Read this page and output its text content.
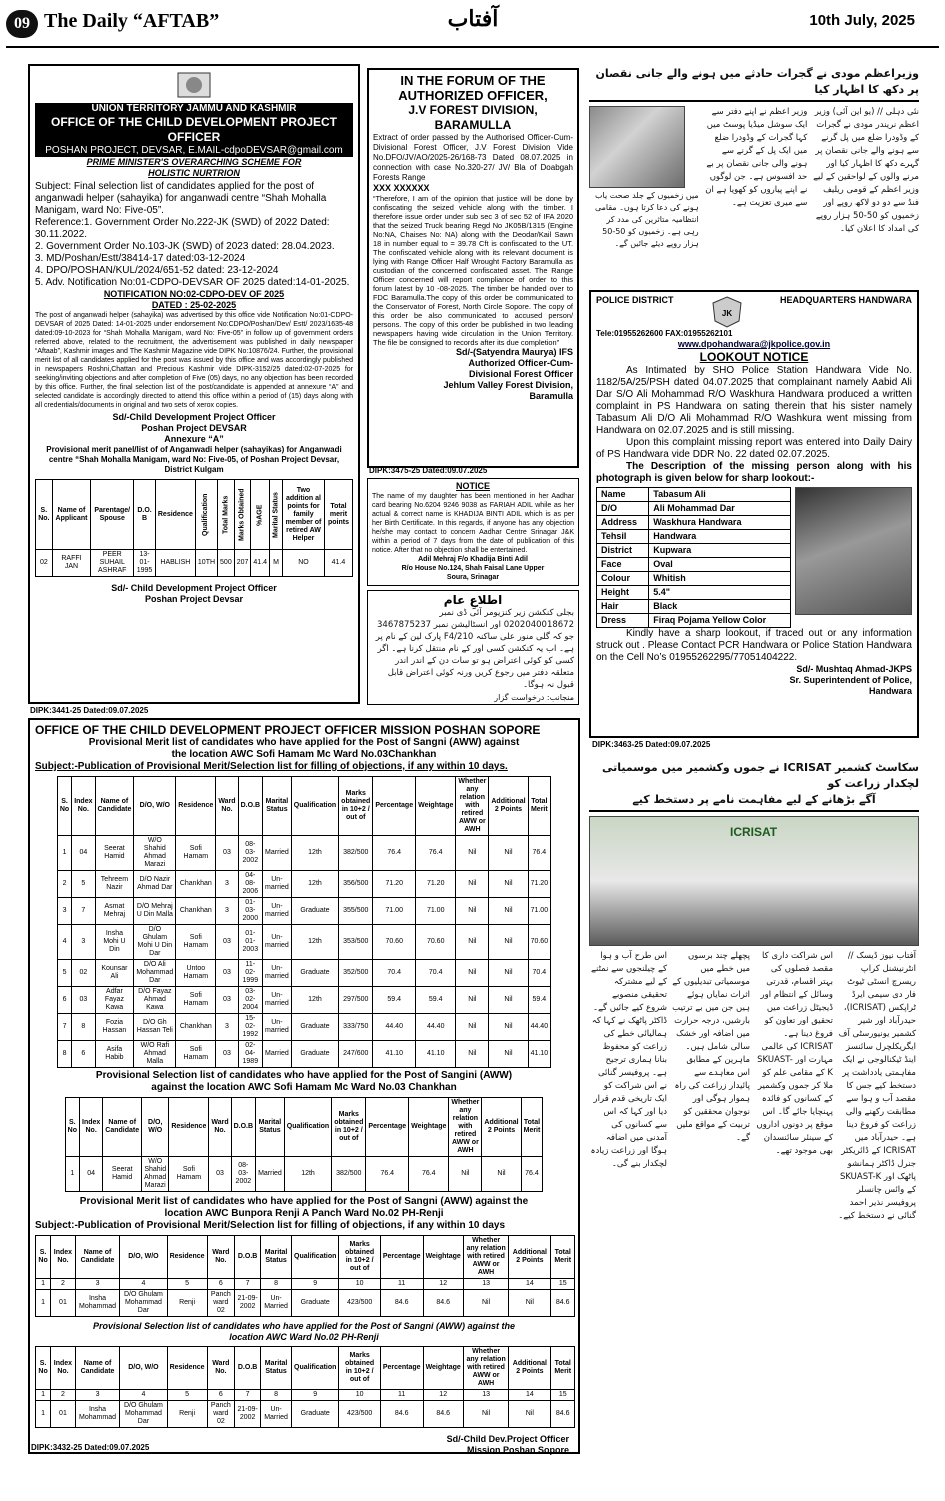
09 The Daily “AFTAB”	آفتاب	10th July, 2025
UNION TERRITORY JAMMU AND KASHMIR
OFFICE OF THE CHILD DEVELOPMENT PROJECT OFFICER
POSHAN PROJECT, DEVSAR, E.MAIL-cdpoDEVSAR@gmail.com
PRIME MINISTER'S OVERARCHING SCHEME FOR
HOLISTIC NURTRION
Subject: Final selection list of candidates applied for the post of anganwadi helper (sahayika) for anganwadi centre “Shah Mohalla Manigam, ward No: Five-05”.
Reference:1. Government Order No.222-JK (SWD) of 2022 Dated: 30.11.2022.
2. Government Order No.103-JK (SWD) of 2023 dated: 28.04.2023.
3. MD/Poshan/Estt/38414-17 dated:03-12-2024
4. DPO/POSHAN/KUL/2024/651-52 dated: 23-12-2024
5. Adv. Notification No:01-CDPO-DEVSAR OF 2025 dated:14-01-2025.
NOTIFICATION NO:02-CDPO-DEV OF 2025
DATED : 25-02-2025
The post of anganwadi helper (sahayika) was advertised by this office vide Notification No:01-CDPO-DEVSAR of 2025 Dated: 14-01-2025 under endorsement No:CDPO/Poshan/Dev/ Estt/ 2023/1635-48 dated:09-10-2023 for “Shah Mohalla Manigam, ward No: Five-05” in follow up of government orders referred above, related to the recruitment, the advertisement was published in daily newspaper “Aftaab”, Kashmir images and The Kashmir Magazine vide DIPK No:10876/24. Further, the provisional merit list of all candidates applied for the post was issued by this office and was accordingly published in newspapers Roshni,Chattan and Precious Kashmir vide DIPK-3152/25 dated:02-07-2025 for seeking/inviting objections and after completion of Five (05) days, no any objection has been recorded by this office. Further, the final selection list of the post/candidate is appended at annexure “A” and selected candidate is accordingly directed to attend this office within a period of (15) days along with all credentials/documents in original and two sets of xerox copies.
Sd/-Child Development Project Officer
Poshan Project DEVSAR
Annexure “A”
Provisional merit panel/list of of Anganwadi helper (sahayikas) for Anganwadi centre “Shah Mohalla Manigam, ward No: Five-05, of Poshan Project Devsar, District Kulgam
S. No.	Name of Applicant	Parentage/ Spouse	D.O. B	Residence	Qualification	Total Marks	Marks Obtained	%AGE	Marital Status	Two addition al points for family member of retired AW Helper	Total merit points
02	RAFFI JAN	PEER SUHAIL ASHRAF	13-01-1995	HABLISH	10TH	500	207	41.4	M	NO	41.4
Sd/- Child Development Project Officer
Poshan Project Devsar
DIPK:3441-25 Dated:09.07.2025
IN THE FORUM OF THE AUTHORIZED OFFICER,
J.V FOREST DIVISION, BARAMULLA
Extract of order passed by the Authorised Officer-Cum-Divisional Forest Officer, J.V Forest Division Vide No.DFO/JV/AO/2025-26/168-73 Dated 08.07.2025 in connection with case No.320-27/ JV/ Bla of Doabgah Forests Range
XXX XXXXXX
“Therefore, I am of the opinion that justice will be done by confiscating the seized vehicle along with the timber. I therefore issue order under sub sec 3 of sec 52 of IFA 2020 that the seized Truck bearing Regd No JK05B/1315 (Engine No:NA, Chaises No: NA) along with the Deodar/Kail Sawn 18 in number equal to = 39.78 Cft is confiscated to the UT. The confiscated vehicle along with its relevant document is lying with Range Officer Half Wrought Factory Baramulla as custodian of the concerned confiscated asset. The Range Officer concerned will report compliance of order to this forum latest by 10 -08-2025. The timber be handed over to FDC Baramulla.The copy of this order be communicated to the Conservator of Forest, North Circle Sopore. The copy of this order be also communicated to accused person/ persons. The copy of this order be published in two leading newspapers having wide circulation in the Union Territory. The file be consigned to records after its due completion”
Sd/-(Satyendra Maurya) IFS
Authorized Officer-Cum-
Divisional Forest Officer
Jehlum Valley Forest Division,
Baramulla
DIPK:3475-25 Dated:09.07.2025
NOTICE
The name of my daughter has been mentioned in her Aadhar card bearing No.6204 9246 9038 as FARIAH ADIL while as her actual & correct name is KHADIJA BINTI ADIL which is as per her Birth Certificate. In this regards, if anyone has any objection he/she may contact to concern Aadhar Centre Srinagar J&K within a period of 7 days from the date of publication of this notice. After that no objection shall be entertained.
Adil Mehraj F/o Khadija Binti Adil
R/o House No.124, Shah Faisal Lane Upper
Soura, Srinagar
اطلاعِ عام
بجلی کنکشن زیر کنزیومر آئی ڈی نمبر 0202040018672 اور انسٹالیشن نمبر 3467875237 جو کہ گلی منور علی ساکنہ 210/F4 پارک لین کے نام پر ہے۔ اب یہ کنکشن کسی اور کے نام منتقل کرنا ہے۔ اگر کسی کو کوئی اعتراض ہو تو سات دن کے اندر اندر متعلقہ دفتر میں رجوع کریں ورنہ کوئی اعتراض قابل قبول نہ ہوگا۔
منجانب: درخواست گزار
وزیراعظم مودی نے گجرات حادثے میں ہونے والے جانی نقصان پر دکھ کا اظہار کیا
میں زخمیوں کے جلد صحت یاب ہونے کی دعا کرتا ہوں۔ مقامی انتظامیہ متاثرین کی مدد کر رہی ہے۔ زخمیوں کو 50-50 ہزار روپے دیئے جائیں گے۔
وزیر اعظم نے اپنے دفتر سے ایک سوشل میڈیا پوسٹ میں کہا گجرات کے وڈودرا ضلع میں ایک پل کے گرنے سے ہونے والی جانی نقصان پر بے حد افسوس ہے۔ جن لوگوں نے اپنے پیاروں کو کھویا ہے ان سے میری تعزیت ہے۔
نئی دہلی // (یو این آئی) وزیر اعظم نریندر مودی نے گجرات کے وڈودرا ضلع میں پل گرنے سے ہونے والے جانی نقصان پر گہرے دکھ کا اظہار کیا اور مرنے والوں کے لواحقین کے لیے وزیر اعظم کے قومی ریلیف فنڈ سے دو دو لاکھ روپے اور زخمیوں کو 50-50 ہزار روپے کی امداد کا اعلان کیا۔
POLICE DISTRICT
JK
HEADQUARTERS HANDWARA
Tele:01955262600 FAX:01955262101
www.dpohandwara@jkpolice.gov.in
LOOKOUT NOTICE
As Intimated by SHO Police Station Handwara Vide No. 1182/5A/25/PSH dated 04.07.2025 that complainant namely Aabid Ali Dar S/O Ali Mohammad R/O Waskhura Handwara produced a written complaint in PS Handwara on sating therein that his sister namely Tabasum Ali D/O Ali Mohammad R/O Washkura went missing from Handwara on 02.07.2025 and is still missing.
Upon this complaint missing report was entered into Daily Dairy of PS Handwara vide DDR No. 22 dated 02.07.2025.
The Description of the missing person along with his photograph is given below for sharp lookout:-
Name	Tabasum Ali
D/O	Ali Mohammad Dar
Address	Waskhura Handwara
Tehsil	Handwara
District	Kupwara
Face	Oval
Colour	Whitish
Height	5.4"
Hair	Black
Dress	Firaq Pojama Yellow Color
Kindly have a sharp lookout, if traced out or any information struck out . Please Contact PCR Handwara or Police Station Handwara on the Cell No’s 01955262295/77051404222.
Sd/- Mushtaq Ahmad-JKPS
Sr. Superintendent of Police,
Handwara
DIPK:3463-25 Dated:09.07.2025
سکاسٹ کشمیر ICRISAT نے جموں وکشمیر میں موسمیاتی لچکدار زراعت کو
آگے بڑھانے کے لیے مفاہمت نامے پر دستخط کیے
ICRISAT
اس طرح آب و ہوا کے چیلنجوں سے نمٹنے کے لیے مشترکہ تحقیقی منصوبے شروع کیے جائیں گے۔ ڈاکٹر پاٹھک نے کہا کہ ہمالیائی خطے کی زراعت کو محفوظ بنانا ہماری ترجیح ہے۔ پروفیسر گنائی نے اس شراکت کو ایک تاریخی قدم قرار دیا اور کہا کہ اس سے کسانوں کی آمدنی میں اضافہ ہوگا اور زراعت زیادہ لچکدار بنے گی۔
پچھلے چند برسوں میں خطے میں موسمیاتی تبدیلیوں کے اثرات نمایاں ہوئے ہیں جن میں بے ترتیب بارشیں، درجہ حرارت میں اضافہ اور خشک سالی شامل ہیں۔ ماہرین کے مطابق اس معاہدے سے پائیدار زراعت کی راہ ہموار ہوگی اور نوجوان محققین کو تربیت کے مواقع ملیں گے۔
اس شراکت داری کا مقصد فصلوں کی بہتر اقسام، قدرتی وسائل کے انتظام اور ڈیجیٹل زراعت میں تحقیق اور تعاون کو فروغ دینا ہے۔ ICRISAT کی عالمی مہارت اور SKUAST-K کے مقامی علم کو ملا کر جموں وکشمیر کے کسانوں کو فائدہ پہنچایا جائے گا۔ اس موقع پر دونوں اداروں کے سینئر سائنسدان بھی موجود تھے۔
آفتاب نیوز ڈیسک // انٹرنیشنل کراپ ریسرچ انسٹی ٹیوٹ فار دی سیمی ایرڈ ٹراپکس (ICRISAT)، حیدرآباد اور شیر کشمیر یونیورسٹی آف ایگریکلچرل سائنسز اینڈ ٹیکنالوجی نے ایک مفاہمتی یادداشت پر دستخط کیے جس کا مقصد آب و ہوا سے مطابقت رکھنے والی زراعت کو فروغ دینا ہے۔ حیدرآباد میں ICRISAT کے ڈائریکٹر جنرل ڈاکٹر ہمانشو پاٹھک اور SKUAST-K کے وائس چانسلر پروفیسر نذیر احمد گنائی نے دستخط کیے۔
OFFICE OF THE CHILD DEVELOPMENT PROJECT OFFICER MISSION POSHAN SOPORE
Provisional Merit list of candidates who have applied for the Post of Sangni (AWW) against
the location AWC Sofi Hamam Mc Ward No.03Chankhan
Subject:-Publication of Provisional Merit/Selection list for filling of objections, if any within 10 days.
S. No	Index No.	Name of Candidate	D/O, W/O	Residence	Ward No.	D.O.B	Marital Status	Qualification	Marks obtained in 10+2 / out of	Percentage	Weightage	Whether any relation with retired AWW or AWH	Additional 2 Points	Total Merit
1	04	Seerat Hamid	W/O Shahid Ahmad Marazi	Sofi Hamam	03	08-03-2002	Married	12th	382/500	76.4	76.4	Nil	Nil	76.4
2	5	Tehreem Nazir	D/O Nazir Ahmad Dar	Chankhan	3	04-08-2006	Un-married	12th	356/500	71.20	71.20	Nil	Nil	71.20
3	7	Asmat Mehraj	D/O Mehraj U Din Malla	Chankhan	3	01-03-2000	Un-married	Graduate	355/500	71.00	71.00	Nil	Nil	71.00
4	3	Insha Mohi U Din	D/O Ghulam Mohi U Din Dar	Sofi Hamam	03	01-01-2003	Un-married	12th	353/500	70.60	70.60	Nil	Nil	70.60
5	02	Kounsar Ali	D/O Ali Mohammad Dar	Untoo Hamam	03	11-02-1999	Un-married	Graduate	352/500	70.4	70.4	Nil	Nil	70.4
6	03	Adfar Fayaz Kawa	D/O Fayaz Ahmad Kawa	Sofi Hamam	03	03-02-2004	Un-married	12th	297/500	59.4	59.4	Nil	Nil	59.4
7	8	Fozia Hassan	D/O Gh Hassan Teli	Chankhan	3	15-02-1992	Un-married	Graduate	333/750	44.40	44.40	Nil	Nil	44.40
8	6	Asifa Habib	W/O Rafi Ahmad Malla	Sofi Hamam	03	02-04-1989	Married	Graduate	247/600	41.10	41.10	Nil	Nil	41.10
Provisional Selection list of candidates who have applied for the Post of Sangini (AWW)
against the location AWC Sofi Hamam Mc Ward No.03 Chankhan
S. No	Index No.	Name of Candidate	D/O, W/O	Residence	Ward No.	D.O.B	Marital Status	Qualification	Marks obtained in 10+2 / out of	Percentage	Weightage	Whether any relation with retired AWW or AWH	Additional 2 Points	Total Merit
1	04	Seerat Hamid	W/O Shahid Ahmad Marazi	Sofi Hamam	03	08-03-2002	Married	12th	382/500	76.4	76.4	Nil	Nil	76.4
Provisional Merit list of candidates who have applied for the Post of Sangni (AWW) against the
location AWC Bunpora Renji A Panch Ward No.02 PH-Renji
Subject:-Publication of Provisional Merit/Selection list for filling of objections, if any within 10 days
S. No	Index No.	Name of Candidate	D/O, W/O	Residence	Ward No.	D.O.B	Marital Status	Qualification	Marks obtained in 10+2 / out of	Percentage	Weightage	Whether any relation with retired AWW or AWH	Additional 2 Points	Total Merit
1	2	3	4	5	6	7	8	9	10	11	12	13	14	15
1	01	Insha Mohammad	D/O Ghulam Mohammad Dar	Renji	Panch ward 02	21-09-2002	Un-Married	Graduate	423/500	84.6	84.6	Nil	Nil	84.6
Provisional Selection list of candidates who have applied for the Post of Sangni (AWW) against the
location AWC Ward No.02 PH-Renji
S. No	Index No.	Name of Candidate	D/O, W/O	Residence	Ward No.	D.O.B	Marital Status	Qualification	Marks obtained in 10+2 / out of	Percentage	Weightage	Whether any relation with retired AWW or AWH	Additional 2 Points	Total Merit
1	2	3	4	5	6	7	8	9	10	11	12	13	14	15
1	01	Insha Mohammad	D/O Ghulam Mohammad Dar	Renji	Panch ward 02	21-09-2002	Un-Married	Graduate	423/500	84.6	84.6	Nil	Nil	84.6
Sd/-Child Dev.Project Officer
Mission Poshan Sopore
DIPK:3432-25 Dated:09.07.2025
